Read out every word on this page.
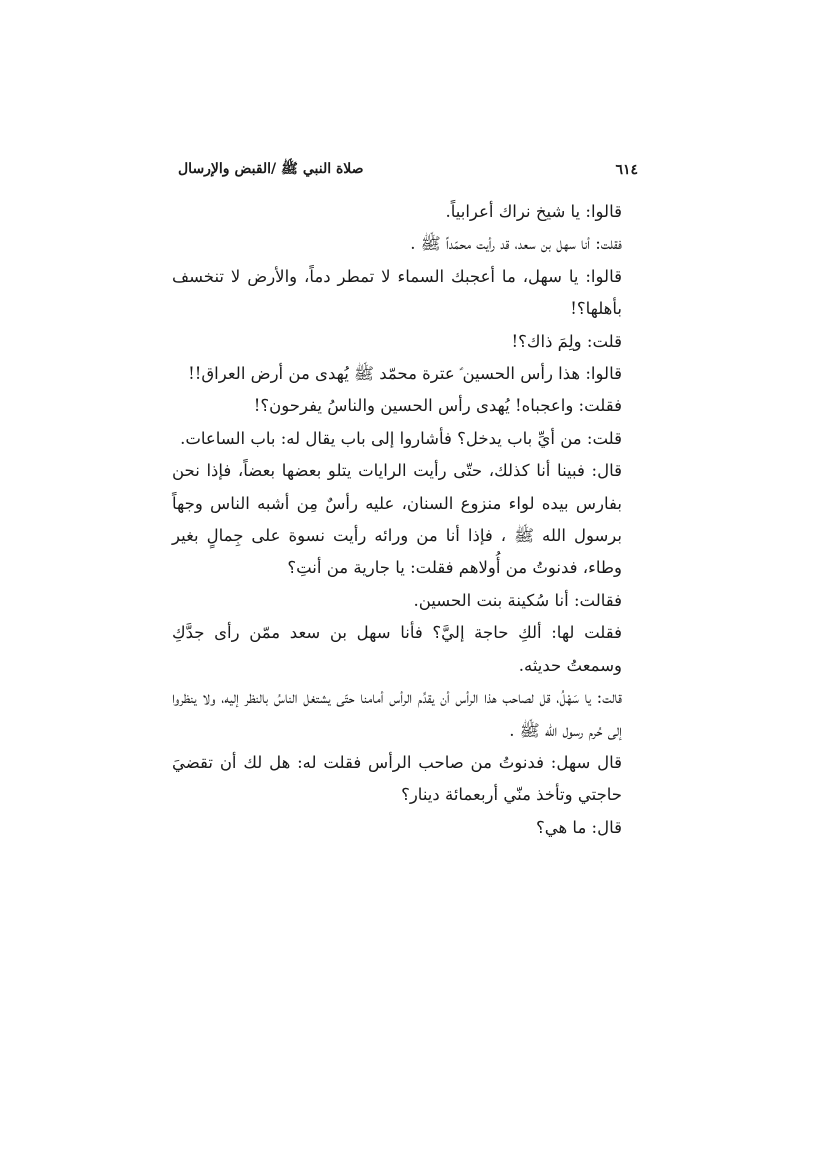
٦١٤
صلاة النبي ﷺ /القبض والإرسال

قالوا: يا شيخ نراك أعرابياً.

فقلت: أنا سهل بن سعد، قد رأيت محمّداً ﷺ .

قالوا: يا سهل، ما أعجبك السماء لا تمطر دماً، والأرض لا تنخسف بأهلها؟!

قلت: ولِمَ ذاك؟!

قالوا: هذا رأس الحسين ؑ عترة محمّد ﷺ يُهدى من أرض العراق!!

فقلت: واعجباه! يُهدى رأس الحسين والناسُ يفرحون؟!

قلت: من أيِّ باب يدخل؟ فأشاروا إلى باب يقال له: باب الساعات.

قال: فبينا أنا كذلك، حتّى رأيت الرايات يتلو بعضها بعضاً، فإذا نحن بفارس بيده لواء منزوع السنان، عليه رأسٌ مِن أشبه الناس وجهاً برسول الله ﷺ ، فإذا أنا من ورائه رأيت نسوة على جِمالٍ بغير وطاء، فدنوتُ من أُولاهم فقلت: يا جارية من أنتِ؟

فقالت: أنا سُكينة بنت الحسين.

فقلت لها: ألكِ حاجة إليَّ؟ فأنا سهل بن سعد ممّن رأى جدَّكِ وسمعتُ حديثه.

قالت: يا سَهْلُ، قل لصاحب هذا الرأس أن يقدِّم الرأس أمامنا حتّى يشتغل الناسُ بالنظر إليه، ولا ينظروا إلى حُرم رسول الله ﷺ .

قال سهل: فدنوتُ من صاحب الرأس فقلت له: هل لك أن تقضيَ حاجتي وتأخذ منّي أربعمائة دينار؟

قال: ما هي؟
